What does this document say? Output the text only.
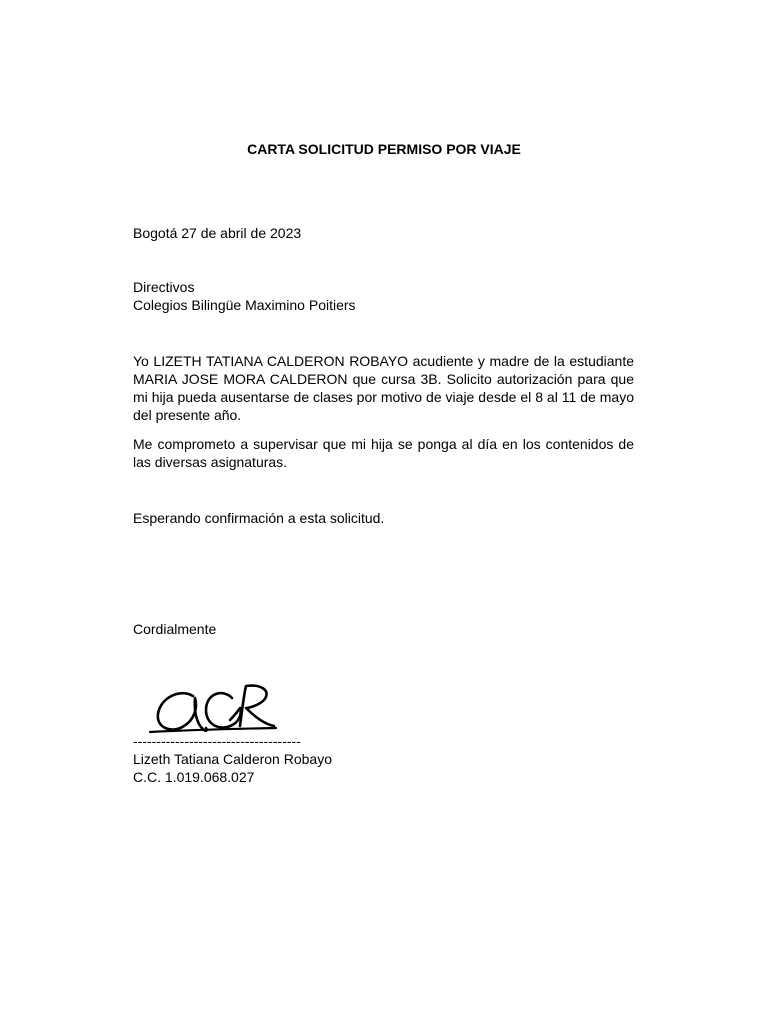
CARTA SOLICITUD PERMISO POR VIAJE

Bogotá 27 de abril de 2023

Directivos

Colegios Bilingüe Maximino Poitiers

Yo LIZETH TATIANA CALDERON ROBAYO acudiente y madre de la estudiante MARIA JOSE MORA CALDERON que cursa 3B. Solicito autorización para que mi hija pueda ausentarse de clases por motivo de viaje desde el 8 al 11 de mayo del presente año.

Me comprometo a supervisar que mi hija se ponga al día en los contenidos de las diversas asignaturas.

Esperando confirmación a esta solicitud.

Cordialmente

------------------------------------

Lizeth Tatiana Calderon Robayo

C.C. 1.019.068.027
